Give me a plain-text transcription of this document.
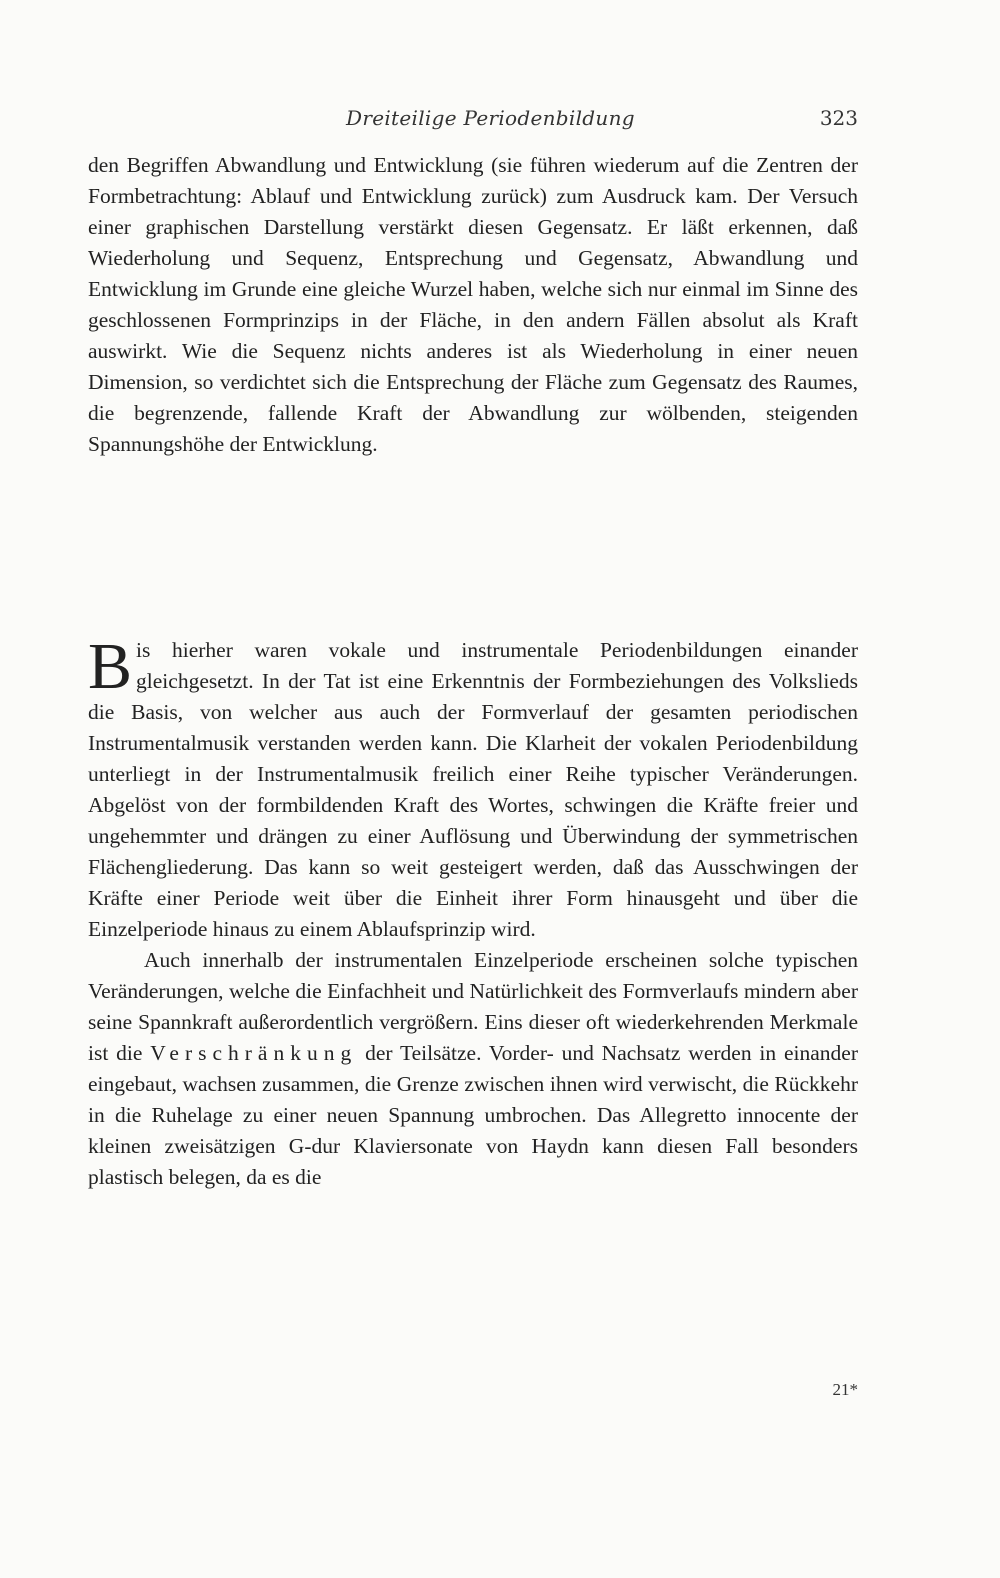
Dreiteilige Periodenbildung	323

den Begriffen Abwandlung und Entwicklung (sie führen wiederum auf die Zentren der Formbetrachtung: Ablauf und Entwicklung zurück) zum Ausdruck kam. Der Versuch einer graphischen Darstellung verstärkt diesen Gegensatz. Er läßt erkennen, daß Wiederholung und Sequenz, Entsprechung und Gegensatz, Abwandlung und Entwicklung im Grunde eine gleiche Wurzel haben, welche sich nur einmal im Sinne des geschlossenen Formprinzips in der Fläche, in den andern Fällen absolut als Kraft auswirkt. Wie die Sequenz nichts anderes ist als Wiederholung in einer neuen Dimension, so verdichtet sich die Entsprechung der Fläche zum Gegensatz des Raumes, die begrenzende, fallende Kraft der Abwandlung zur wölbenden, steigenden Spannungshöhe der Entwicklung.

Bis hierher waren vokale und instrumentale Periodenbildungen einander gleichgesetzt. In der Tat ist eine Erkenntnis der Formbeziehungen des Volkslieds die Basis, von welcher aus auch der Formverlauf der gesamten periodischen Instrumentalmusik verstanden werden kann. Die Klarheit der vokalen Periodenbildung unterliegt in der Instrumentalmusik freilich einer Reihe typischer Veränderungen. Abgelöst von der formbildenden Kraft des Wortes, schwingen die Kräfte freier und ungehemmter und drängen zu einer Auflösung und Überwindung der symmetrischen Flächengliederung. Das kann so weit gesteigert werden, daß das Ausschwingen der Kräfte einer Periode weit über die Einheit ihrer Form hinausgeht und über die Einzelperiode hinaus zu einem Ablaufsprinzip wird.

Auch innerhalb der instrumentalen Einzelperiode erscheinen solche typischen Veränderungen, welche die Einfachheit und Natürlichkeit des Formverlaufs mindern aber seine Spannkraft außerordentlich vergrößern. Eins dieser oft wiederkehrenden Merkmale ist die Verschränkung der Teilsätze. Vorder- und Nachsatz werden in einander eingebaut, wachsen zusammen, die Grenze zwischen ihnen wird verwischt, die Rückkehr in die Ruhelage zu einer neuen Spannung umbrochen. Das Allegretto innocente der kleinen zweisätzigen G-dur Klaviersonate von Haydn kann diesen Fall besonders plastisch belegen, da es die

21*
